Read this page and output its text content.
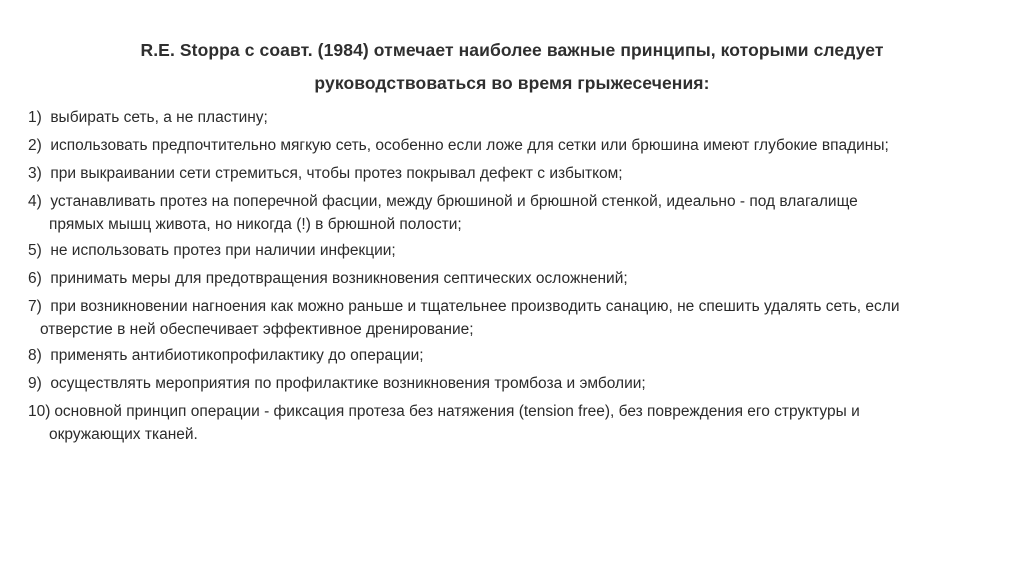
R.E. Stoppa с соавт. (1984) отмечает наиболее важные принципы, которыми следует
руководствоваться во время грыжесечения:
1) выбирать сеть, а не пластину;
2) использовать предпочтительно мягкую сеть, особенно если ложе для сетки или брюшина имеют глубокие впадины;
3) при выкраивании сети стремиться, чтобы протез покрывал дефект с избытком;
4) устанавливать протез на поперечной фасции, между брюшиной и брюшной стенкой, идеально - под влагалище
прямых мышц живота, но никогда (!) в брюшной полости;
5) не использовать протез при наличии инфекции;
6) принимать меры для предотвращения возникновения септических осложнений;
7) при возникновении нагноения как можно раньше и тщательнее производить санацию, не спешить удалять сеть, если
отверстие в ней обеспечивает эффективное дренирование;
8) применять антибиотикопрофилактику до операции;
9) осуществлять мероприятия по профилактике возникновения тромбоза и эмболии;
10) основной принцип операции - фиксация протеза без натяжения (tension free), без повреждения его структуры и
окружающих тканей.
